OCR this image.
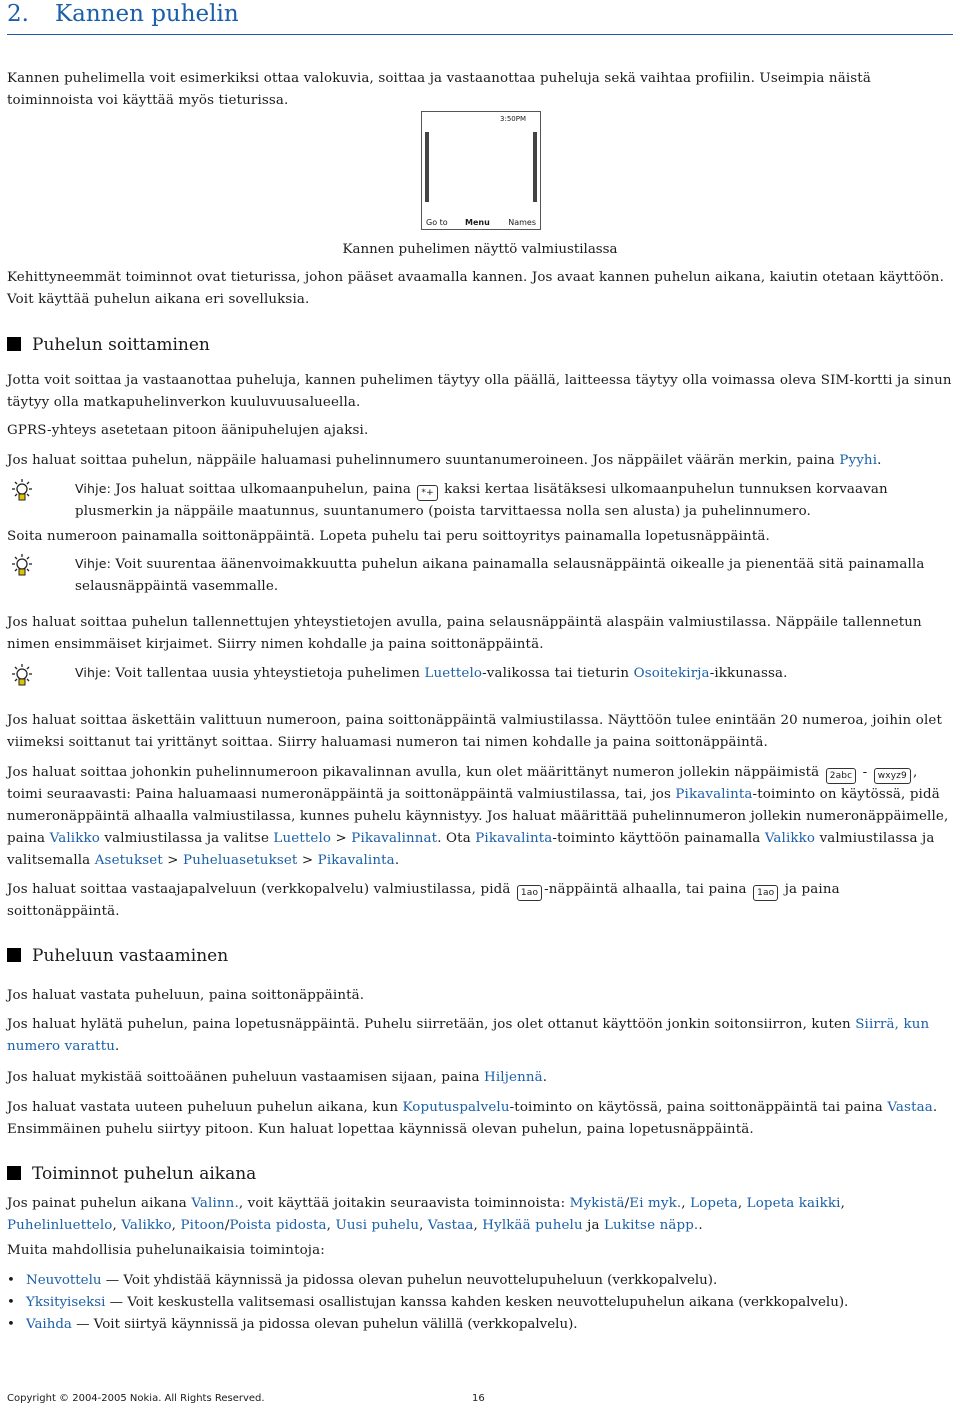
2. Kannen puhelin
Kannen puhelimella voit esimerkiksi ottaa valokuvia, soittaa ja vastaanottaa puheluja sekä vaihtaa profiilin. Useimpia näistä toiminnoista voi käyttää myös tieturissa.
3:50PM
Go to Menu Names
Kannen puhelimen näyttö valmiustilassa
Kehittyneemmät toiminnot ovat tieturissa, johon pääset avaamalla kannen. Jos avaat kannen puhelun aikana, kaiutin otetaan käyttöön. Voit käyttää puhelun aikana eri sovelluksia.
Puhelun soittaminen
Jotta voit soittaa ja vastaanottaa puheluja, kannen puhelimen täytyy olla päällä, laitteessa täytyy olla voimassa oleva SIM-kortti ja sinun täytyy olla matkapuhelinverkon kuuluvuusalueella.
GPRS-yhteys asetetaan pitoon äänipuhelujen ajaksi.
Jos haluat soittaa puhelun, näppäile haluamasi puhelinnumero suuntanumeroineen. Jos näppäilet väärän merkin, paina Pyyhi.
Vihje: Jos haluat soittaa ulkomaanpuhelun, paina *+ kaksi kertaa lisätäksesi ulkomaanpuhelun tunnuksen korvaavan plusmerkin ja näppäile maatunnus, suuntanumero (poista tarvittaessa nolla sen alusta) ja puhelinnumero.
Soita numeroon painamalla soittonäppäintä. Lopeta puhelu tai peru soittoyritys painamalla lopetusnäppäintä.
Vihje: Voit suurentaa äänenvoimakkuutta puhelun aikana painamalla selausnäppäintä oikealle ja pienentää sitä painamalla selausnäppäintä vasemmalle.
Jos haluat soittaa puhelun tallennettujen yhteystietojen avulla, paina selausnäppäintä alaspäin valmiustilassa. Näppäile tallennetun nimen ensimmäiset kirjaimet. Siirry nimen kohdalle ja paina soittonäppäintä.
Vihje: Voit tallentaa uusia yhteystietoja puhelimen Luettelo-valikossa tai tieturin Osoitekirja-ikkunassa.
Jos haluat soittaa äskettäin valittuun numeroon, paina soittonäppäintä valmiustilassa. Näyttöön tulee enintään 20 numeroa, joihin olet viimeksi soittanut tai yrittänyt soittaa. Siirry haluamasi numeron tai nimen kohdalle ja paina soittonäppäintä.
Jos haluat soittaa johonkin puhelinnumeroon pikavalinnan avulla, kun olet määrittänyt numeron jollekin näppäimistä 2abc - wxyz9 , toimi seuraavasti: Paina haluamaasi numeronäppäintä ja soittonäppäintä valmiustilassa, tai, jos Pikavalinta-toiminto on käytössä, pidä numeronäppäintä alhaalla valmiustilassa, kunnes puhelu käynnistyy. Jos haluat määrittää puhelinnumeron jollekin numeronäppäimelle, paina Valikko valmiustilassa ja valitse Luettelo > Pikavalinnat. Ota Pikavalinta-toiminto käyttöön painamalla Valikko valmiustilassa ja valitsemalla Asetukset > Puheluasetukset > Pikavalinta.
Jos haluat soittaa vastaajapalveluun (verkkopalvelu) valmiustilassa, pidä 1ao -näppäintä alhaalla, tai paina 1ao ja paina soittonäppäintä.
Puheluun vastaaminen
Jos haluat vastata puheluun, paina soittonäppäintä.
Jos haluat hylätä puhelun, paina lopetusnäppäintä. Puhelu siirretään, jos olet ottanut käyttöön jonkin soitonsiirron, kuten Siirrä, kun numero varattu.
Jos haluat mykistää soittoäänen puheluun vastaamisen sijaan, paina Hiljennä.
Jos haluat vastata uuteen puheluun puhelun aikana, kun Koputuspalvelu-toiminto on käytössä, paina soittonäppäintä tai paina Vastaa. Ensimmäinen puhelu siirtyy pitoon. Kun haluat lopettaa käynnissä olevan puhelun, paina lopetusnäppäintä.
Toiminnot puhelun aikana
Jos painat puhelun aikana Valinn., voit käyttää joitakin seuraavista toiminnoista: Mykistä/Ei myk., Lopeta, Lopeta kaikki, Puhelinluettelo, Valikko, Pitoon/Poista pidosta, Uusi puhelu, Vastaa, Hylkää puhelu ja Lukitse näpp..
Muita mahdollisia puhelunaikaisia toimintoja:
• Neuvottelu — Voit yhdistää käynnissä ja pidossa olevan puhelun neuvottelupuheluun (verkkopalvelu).
• Yksityiseksi — Voit keskustella valitsemasi osallistujan kanssa kahden kesken neuvottelupuhelun aikana (verkkopalvelu).
• Vaihda — Voit siirtyä käynnissä ja pidossa olevan puhelun välillä (verkkopalvelu).
Copyright © 2004-2005 Nokia. All Rights Reserved.	16
